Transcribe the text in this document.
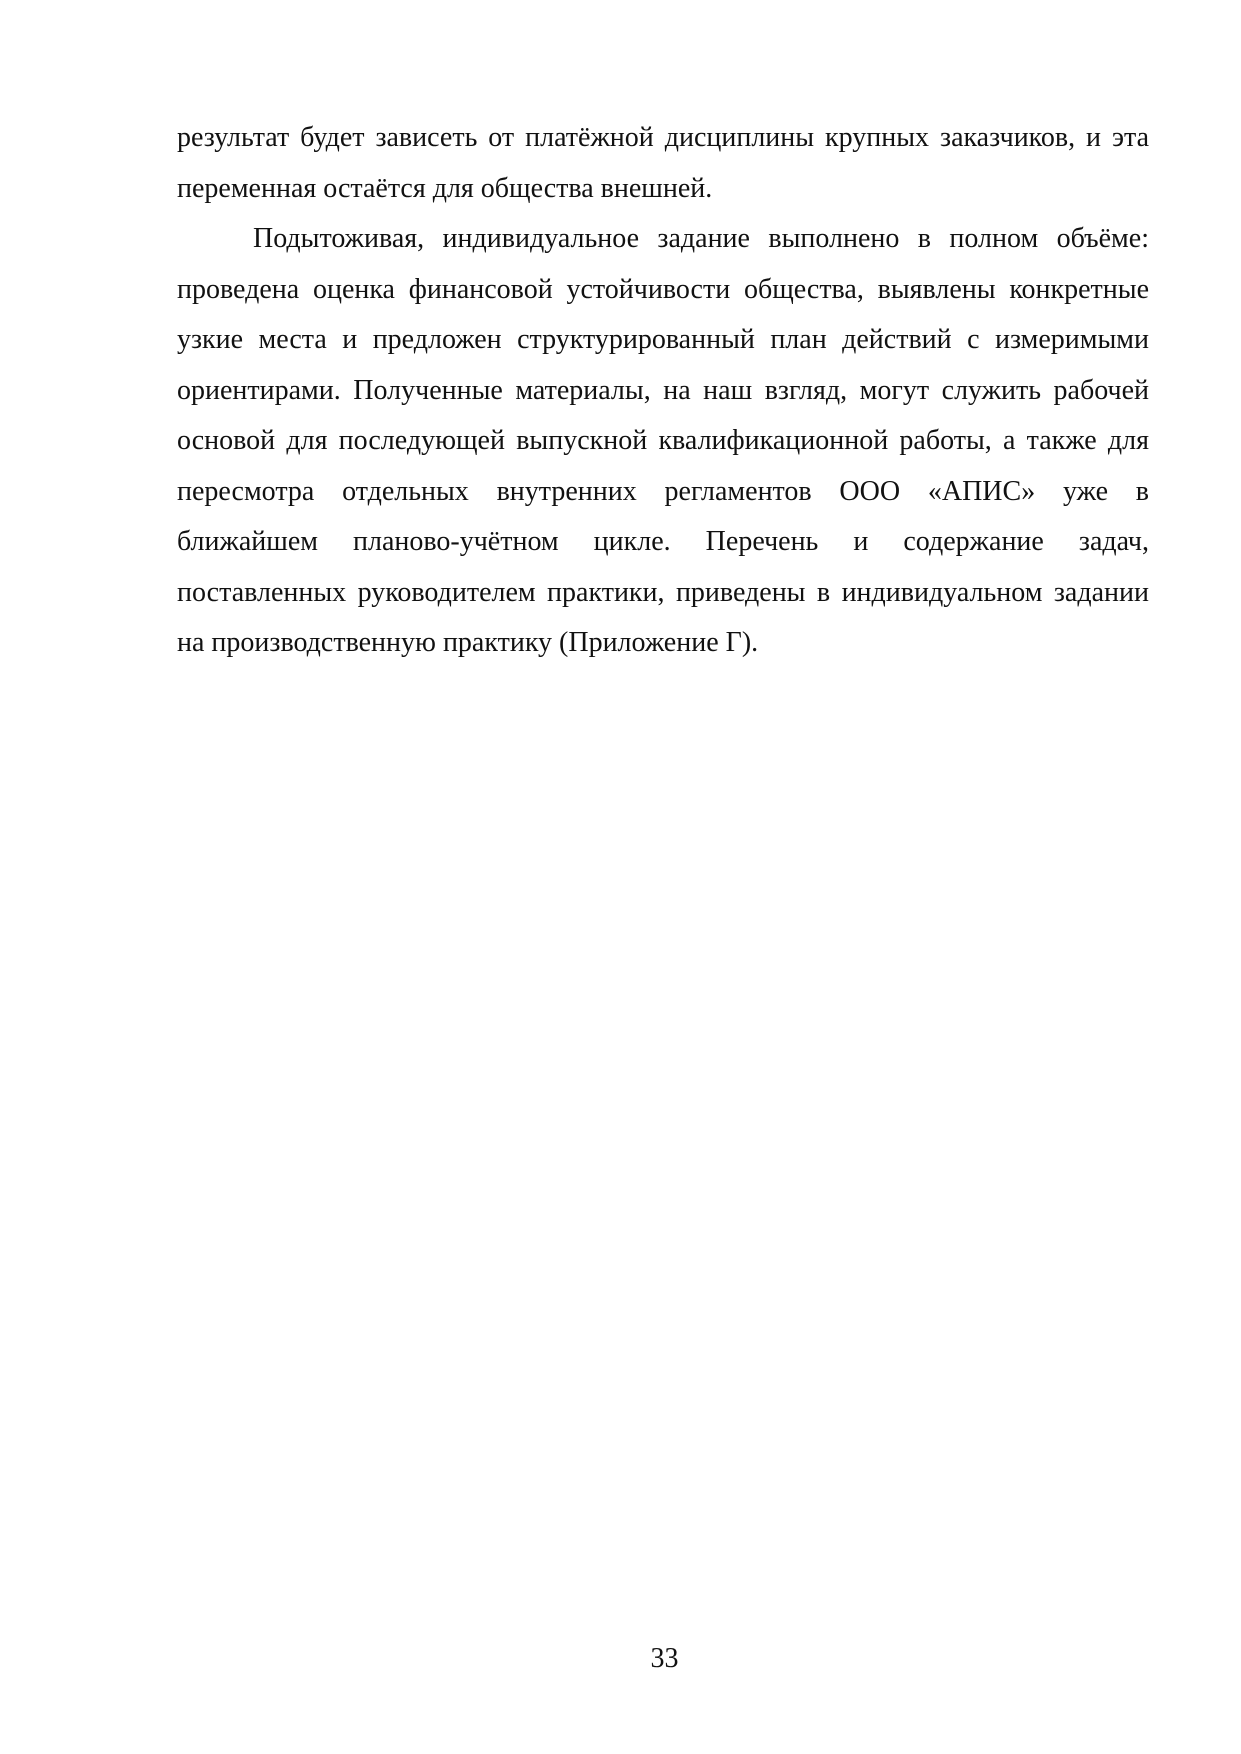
результат будет зависеть от платёжной дисциплины крупных заказчиков, и эта переменная остаётся для общества внешней.

Подытоживая, индивидуальное задание выполнено в полном объёме: проведена оценка финансовой устойчивости общества, выявлены конкретные узкие места и предложен структурированный план действий с измеримыми ориентирами. Полученные материалы, на наш взгляд, могут служить рабочей основой для последующей выпускной квалификационной работы, а также для пересмотра отдельных внутренних регламентов ООО «АПИС» уже в ближайшем планово-учётном цикле. Перечень и содержание задач, поставленных руководителем практики, приведены в индивидуальном задании на производственную практику (Приложение Г).

33
